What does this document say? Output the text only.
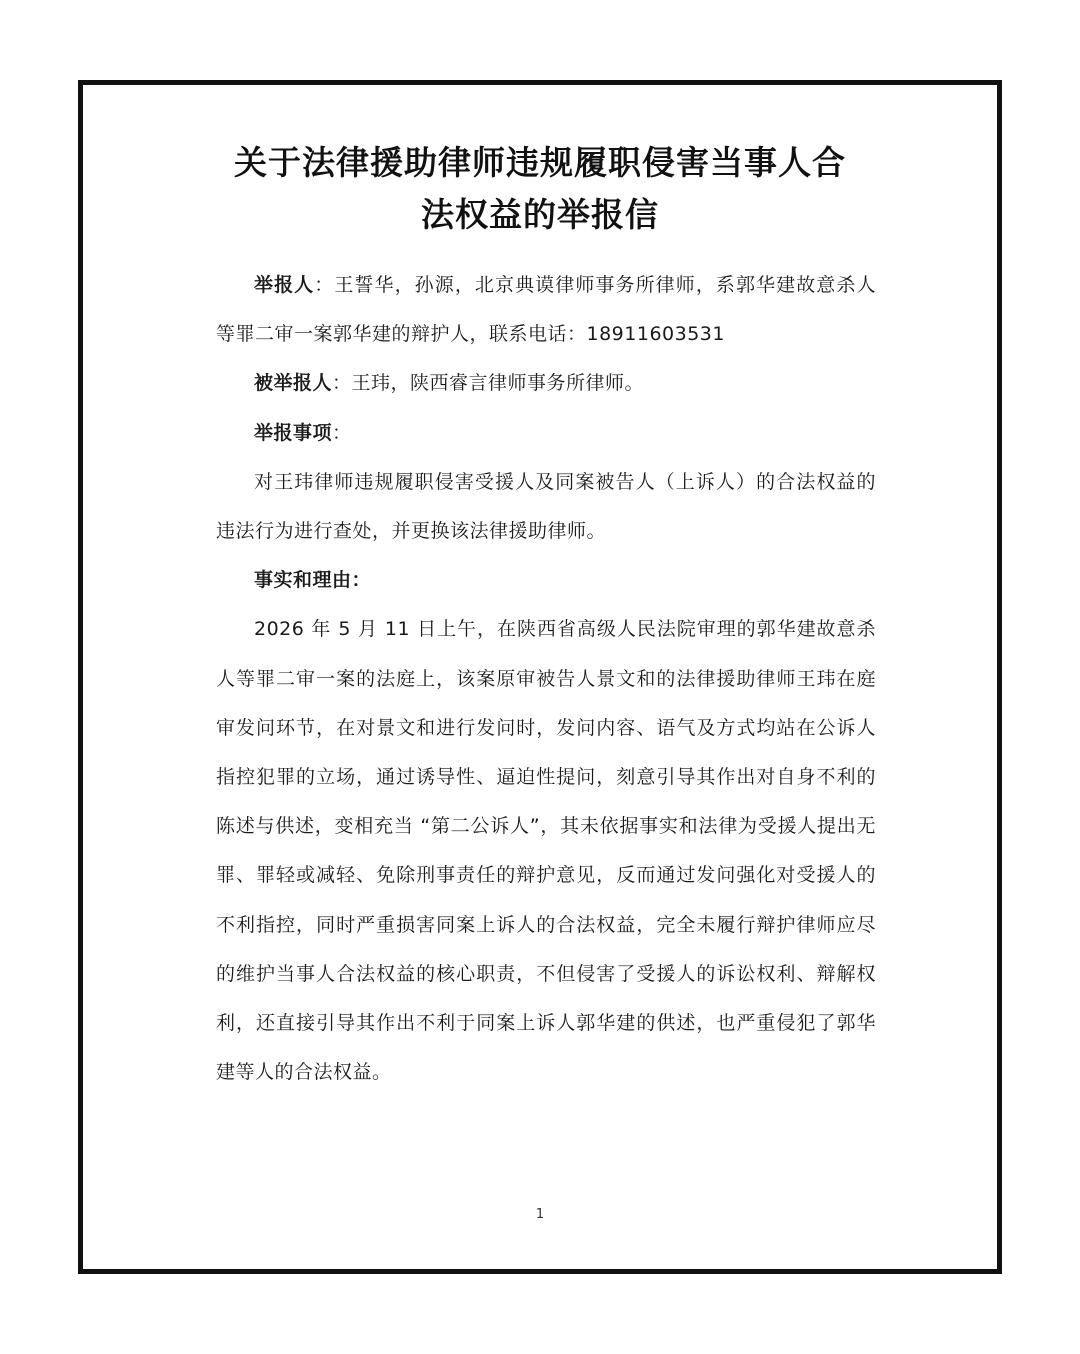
关于法律援助律师违规履职侵害当事人合
法权益的举报信

举报人：王誓华，孙源，北京典谟律师事务所律师，系郭华建故意杀人等罪二审一案郭华建的辩护人，联系电话：18911603531

被举报人：王玮，陕西睿言律师事务所律师。

举报事项：

对王玮律师违规履职侵害受援人及同案被告人（上诉人）的合法权益的违法行为进行查处，并更换该法律援助律师。

事实和理由：

2026 年 5 月 11 日上午，在陕西省高级人民法院审理的郭华建故意杀人等罪二审一案的法庭上，该案原审被告人景文和的法律援助律师王玮在庭审发问环节，在对景文和进行发问时，发问内容、语气及方式均站在公诉人指控犯罪的立场，通过诱导性、逼迫性提问，刻意引导其作出对自身不利的陈述与供述，变相充当 “第二公诉人”，其未依据事实和法律为受援人提出无罪、罪轻或减轻、免除刑事责任的辩护意见，反而通过发问强化对受援人的不利指控，同时严重损害同案上诉人的合法权益，完全未履行辩护律师应尽的维护当事人合法权益的核心职责，不但侵害了受援人的诉讼权利、辩解权利，还直接引导其作出不利于同案上诉人郭华建的供述，也严重侵犯了郭华建等人的合法权益。

1
